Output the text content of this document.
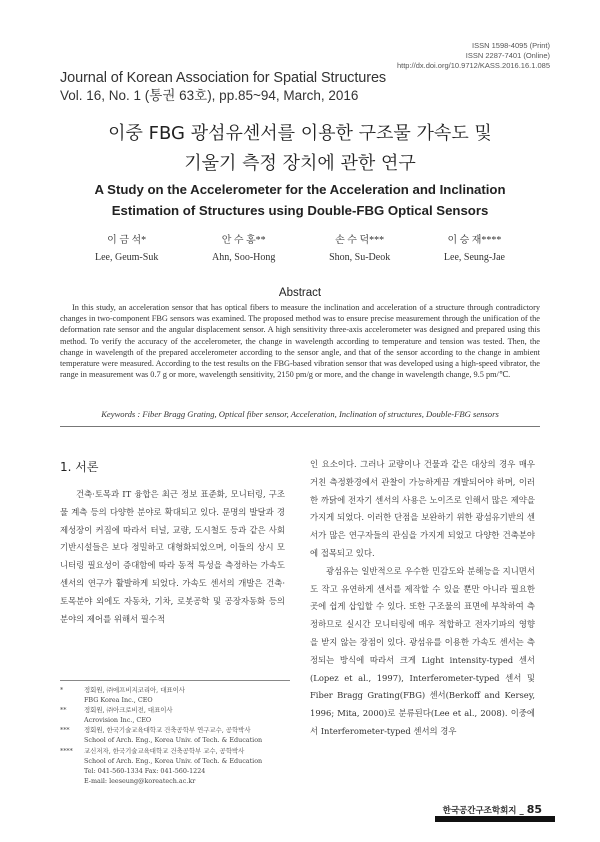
ISSN 1598-4095 (Print)
ISSN 2287-7401 (Online)
http://dx.doi.org/10.9712/KASS.2016.16.1.085
Journal of Korean Association for Spatial Structures
Vol. 16, No. 1 (통권 63호), pp.85~94, March, 2016
이중 FBG 광섬유센서를 이용한 구조물 가속도 및
기울기 측정 장치에 관한 연구
A Study on the Accelerometer for the Acceleration and Inclination
Estimation of Structures using Double-FBG Optical Sensors
이 금 석*
Lee, Geum-Suk
안 수 홍**
Ahn, Soo-Hong
손 수 덕***
Shon, Su-Deok
이 승 재****
Lee, Seung-Jae
Abstract
In this study, an acceleration sensor that has optical fibers to measure the inclination and acceleration of a structure through contradictory changes in two-component FBG sensors was examined. The proposed method was to ensure precise measurement through the unification of the deformation rate sensor and the angular displacement sensor. A high sensitivity three-axis accelerometer was designed and prepared using this method. To verify the accuracy of the accelerometer, the change in wavelength according to temperature and tension was tested. Then, the change in wavelength of the prepared accelerometer according to the sensor angle, and that of the sensor according to the change in ambient temperature were measured. According to the test results on the FBG-based vibration sensor that was developed using a high-speed vibrator, the range in measurement was 0.7 g or more, wavelength sensitivity, 2150 pm/g or more, and the change in wavelength change, 9.5 pm/℃.
Keywords : Fiber Bragg Grating, Optical fiber sensor, Acceleration, Inclination of structures, Double-FBG sensors
1. 서론

건축·토목과 IT 융합은 최근 정보 표준화, 모니터링, 구조물 계측 등의 다양한 분야로 확대되고 있다. 문명의 발달과 경제성장이 커짐에 따라서 터널, 교량, 도시철도 등과 같은 사회기반시설들은 보다 정밀하고 대형화되었으며, 이들의 상시 모니터링 필요성이 증대함에 따라 동적 특성을 측정하는 가속도 센서의 연구가 활발하게 되었다. 가속도 센서의 개발은 건축·토목분야 외에도 자동차, 기차, 로봇공학 및 공장자동화 등의 분야의 제어를 위해서 필수적

인 요소이다. 그러나 교량이나 건물과 같은 대상의 경우 매우 거친 측정환경에서 관찰이 가능하게끔 개발되어야 하며, 이러한 까닭에 전자기 센서의 사용은 노이즈로 인해서 많은 제약을 가지게 되었다. 이러한 단점을 보완하기 위한 광섬유기반의 센서가 많은 연구자들의 관심을 가지게 되었고 다양한 건축분야에 접목되고 있다.

광섬유는 일반적으로 우수한 민감도와 분해능을 지니면서도 작고 유연하게 센서를 제작할 수 있을 뿐만 아니라 필요한 곳에 쉽게 삽입할 수 있다. 또한 구조물의 표면에 부착하여 측정하므로 실시간 모니터링에 매우 적합하고 전자기파의 영향을 받지 않는 장점이 있다. 광섬유를 이용한 가속도 센서는 측정되는 방식에 따라서 크게 Light intensity-typed 센서(Lopez et al., 1997), Interferometer-typed 센서 및 Fiber Bragg Grating(FBG) 센서(Berkoff and Kersey, 1996; Mita, 2000)로 분류된다(Lee et al., 2008). 이중에서 Interferometer-typed 센서의 경우

*	정회원, ㈜에프비지코리아, 대표이사
FBG Korea Inc., CEO
**	정회원, ㈜아크로비전, 대표이사
Acrovision Inc., CEO
***	정회원, 한국기술교육대학교 건축공학부 연구교수, 공학박사
School of Arch. Eng., Korea Univ. of Tech. & Education
****	교신저자, 한국기술교육대학교 건축공학부 교수, 공학박사
School of Arch. Eng., Korea Univ. of Tech. & Education
Tel: 041-560-1334 Fax: 041-560-1224
E-mail: leeseung@koreatech.ac.kr
한국공간구조학회지 _ 85
